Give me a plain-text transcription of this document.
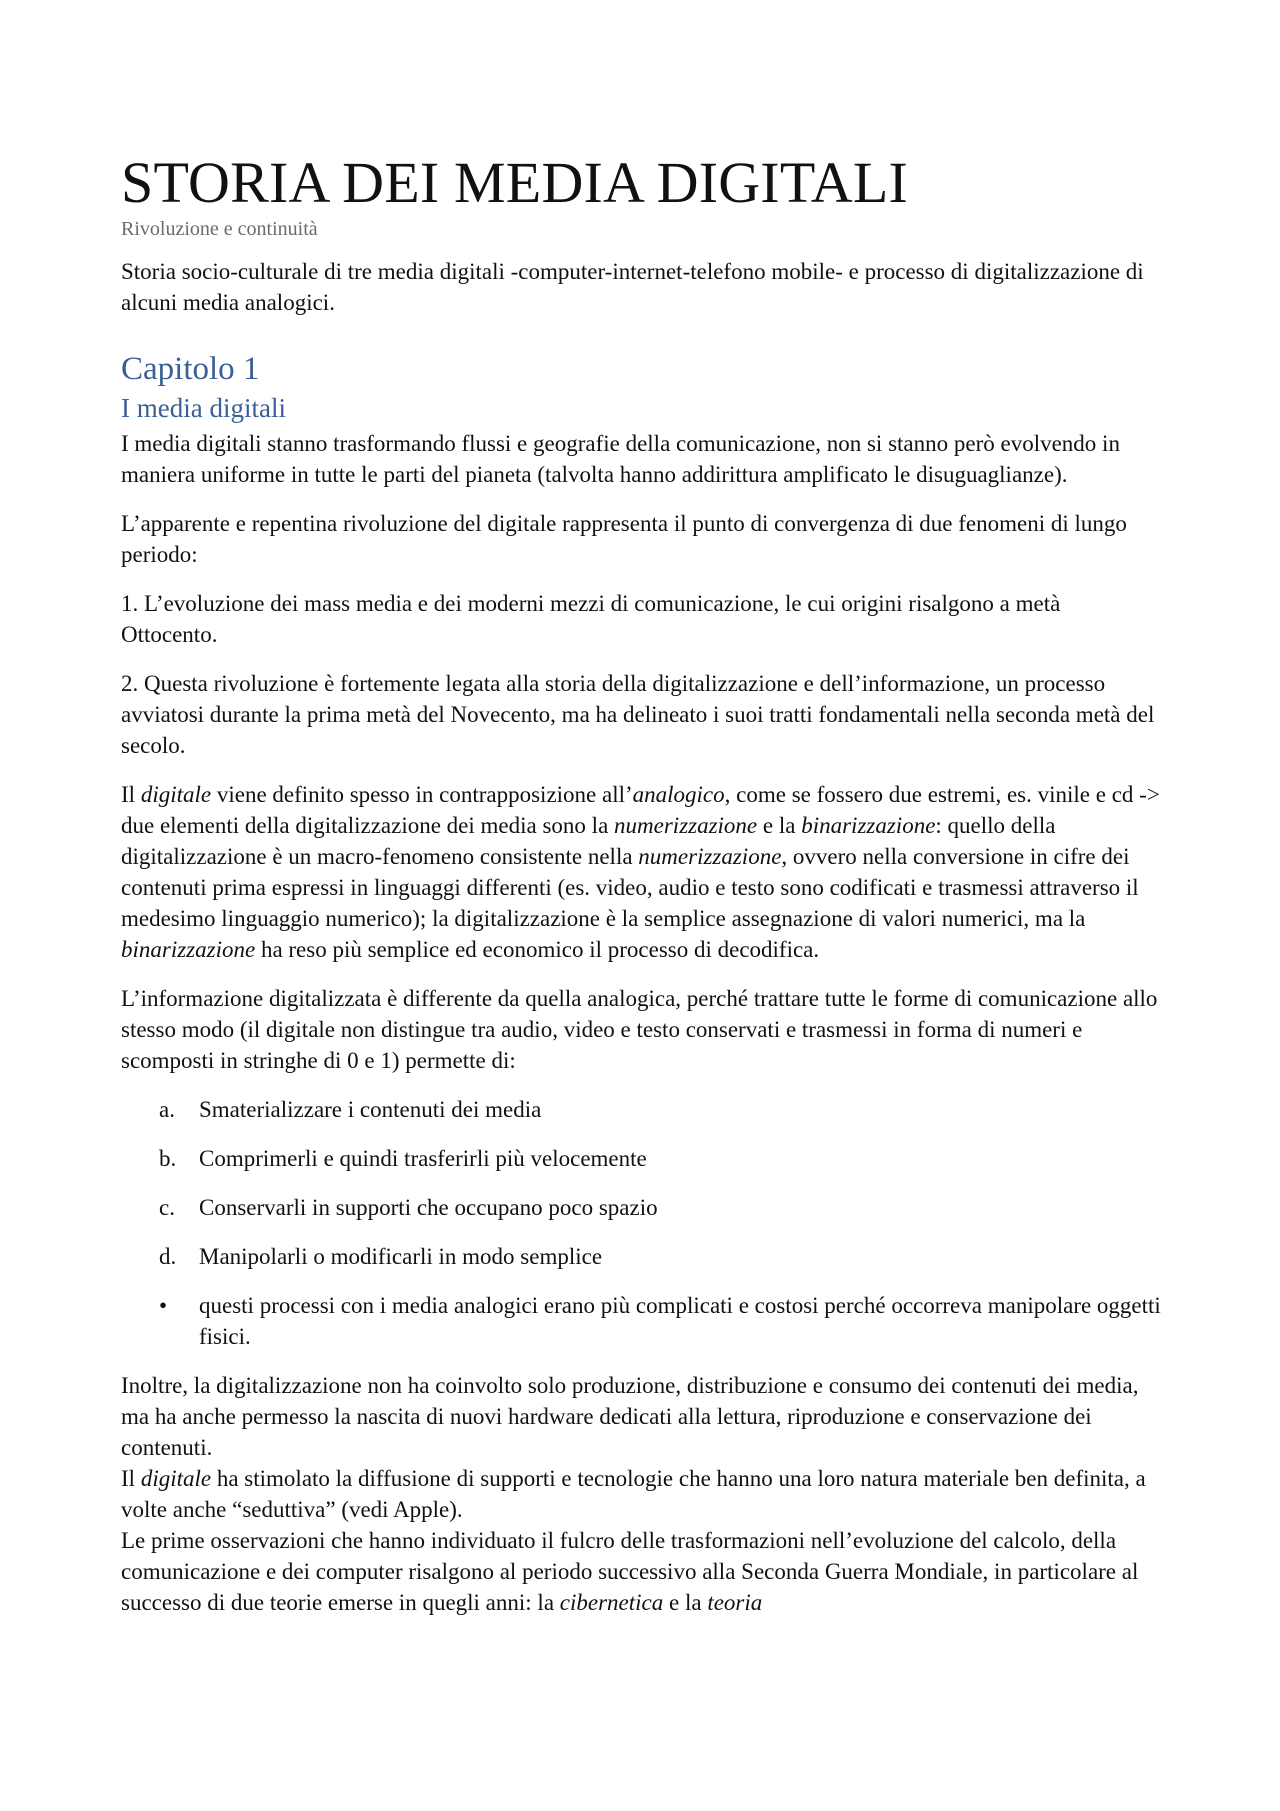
STORIA DEI MEDIA DIGITALI
Rivoluzione e continuità

Storia socio-culturale di tre media digitali -computer-internet-telefono mobile- e processo di digitalizzazione di alcuni media analogici.

Capitolo 1
I media digitali

I media digitali stanno trasformando flussi e geografie della comunicazione, non si stanno però evolvendo in maniera uniforme in tutte le parti del pianeta (talvolta hanno addirittura amplificato le disuguaglianze).

L’apparente e repentina rivoluzione del digitale rappresenta il punto di convergenza di due fenomeni di lungo periodo:

1. L’evoluzione dei mass media e dei moderni mezzi di comunicazione, le cui origini risalgono a metà Ottocento.

2. Questa rivoluzione è fortemente legata alla storia della digitalizzazione e dell’informazione, un processo avviatosi durante la prima metà del Novecento, ma ha delineato i suoi tratti fondamentali nella seconda metà del secolo.

Il digitale viene definito spesso in contrapposizione all’analogico, come se fossero due estremi, es. vinile e cd -> due elementi della digitalizzazione dei media sono la numerizzazione e la binarizzazione: quello della digitalizzazione è un macro-fenomeno consistente nella numerizzazione, ovvero nella conversione in cifre dei contenuti prima espressi in linguaggi differenti (es. video, audio e testo sono codificati e trasmessi attraverso il medesimo linguaggio numerico); la digitalizzazione è la semplice assegnazione di valori numerici, ma la binarizzazione ha reso più semplice ed economico il processo di decodifica.

L’informazione digitalizzata è differente da quella analogica, perché trattare tutte le forme di comunicazione allo stesso modo (il digitale non distingue tra audio, video e testo conservati e trasmessi in forma di numeri e scomposti in stringhe di 0 e 1) permette di:

a. Smaterializzare i contenuti dei media
b. Comprimerli e quindi trasferirli più velocemente
c. Conservarli in supporti che occupano poco spazio
d. Manipolarli o modificarli in modo semplice
• questi processi con i media analogici erano più complicati e costosi perché occorreva manipolare oggetti fisici.

Inoltre, la digitalizzazione non ha coinvolto solo produzione, distribuzione e consumo dei contenuti dei media, ma ha anche permesso la nascita di nuovi hardware dedicati alla lettura, riproduzione e conservazione dei contenuti.

Il digitale ha stimolato la diffusione di supporti e tecnologie che hanno una loro natura materiale ben definita, a volte anche “seduttiva” (vedi Apple).

Le prime osservazioni che hanno individuato il fulcro delle trasformazioni nell’evoluzione del calcolo, della comunicazione e dei computer risalgono al periodo successivo alla Seconda Guerra Mondiale, in particolare al successo di due teorie emerse in quegli anni: la cibernetica e la teoria
